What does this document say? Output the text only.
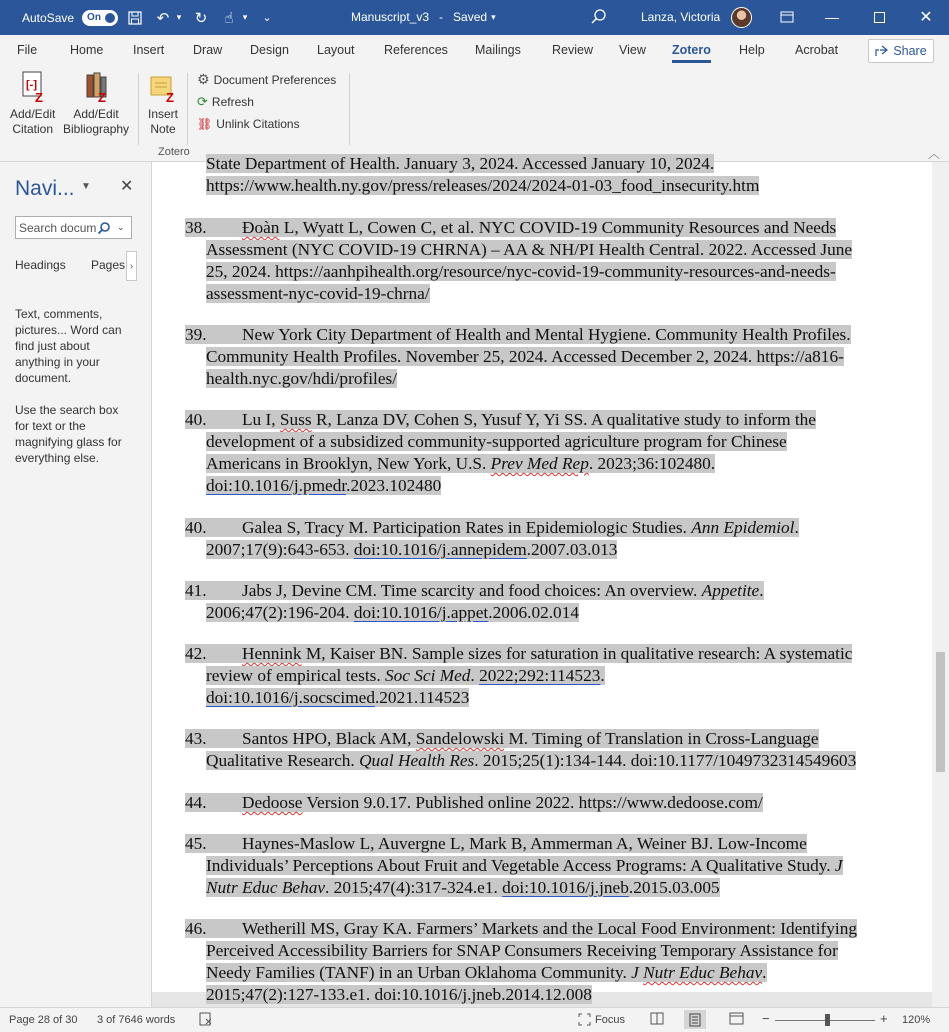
AutoSave On	↶ ▾ ↻	☝	▾	⌄	Manuscript_v3 - Saved ▾	Lanza, Victoria	—	✕
File	Home Insert Draw Design Layout References Mailings Review View Zotero Help Acrobat	Share
[-]
Z
Add/Edit
Citation
Z
Add/Edit
Bibliography
Z
Insert
Note
⚙ Document Preferences
⟳ Refresh
⛓ Unlink Citations
Zotero	︿
Navi... ▼ ✕
Search docum
⌄
Headings Pages ›

Text, comments, pictures... Word can find just about anything in your document.

Use the search box for text or the magnifying glass for everything else.

State Department of Health. January 3, 2024. Accessed January 10, 2024.
https://www.health.ny.gov/press/releases/2024/2024-01-03_food_insecurity.htm
38. Đoàn L, Wyatt L, Cowen C, et al. NYC COVID-19 Community Resources and Needs
Assessment (NYC COVID-19 CHRNA) – AA & NH/PI Health Central. 2022. Accessed June
25, 2024. https://aanhpihealth.org/resource/nyc-covid-19-community-resources-and-needs-
assessment-nyc-covid-19-chrna/
39. New York City Department of Health and Mental Hygiene. Community Health Profiles.
Community Health Profiles. November 25, 2024. Accessed December 2, 2024. https://a816-
health.nyc.gov/hdi/profiles/
40. Lu I, Suss R, Lanza DV, Cohen S, Yusuf Y, Yi SS. A qualitative study to inform the
development of a subsidized community-supported agriculture program for Chinese
Americans in Brooklyn, New York, U.S. Prev Med Rep. 2023;36:102480.
doi:10.1016/j.pmedr.2023.102480
40. Galea S, Tracy M. Participation Rates in Epidemiologic Studies. Ann Epidemiol.
2007;17(9):643-653. doi:10.1016/j.annepidem.2007.03.013
41. Jabs J, Devine CM. Time scarcity and food choices: An overview. Appetite.
2006;47(2):196-204. doi:10.1016/j.appet.2006.02.014
42. Hennink M, Kaiser BN. Sample sizes for saturation in qualitative research: A systematic
review of empirical tests. Soc Sci Med. 2022;292:114523.
doi:10.1016/j.socscimed.2021.114523
43. Santos HPO, Black AM, Sandelowski M. Timing of Translation in Cross-Language
Qualitative Research. Qual Health Res. 2015;25(1):134-144. doi:10.1177/1049732314549603
44. Dedoose Version 9.0.17. Published online 2022. https://www.dedoose.com/
45. Haynes-Maslow L, Auvergne L, Mark B, Ammerman A, Weiner BJ. Low-Income
Individuals’ Perceptions About Fruit and Vegetable Access Programs: A Qualitative Study. J
Nutr Educ Behav. 2015;47(4):317-324.e1. doi:10.1016/j.jneb.2015.03.005
46. Wetherill MS, Gray KA. Farmers’ Markets and the Local Food Environment: Identifying
Perceived Accessibility Barriers for SNAP Consumers Receiving Temporary Assistance for
Needy Families (TANF) in an Urban Oklahoma Community. J Nutr Educ Behav.
2015;47(2):127-133.e1. doi:10.1016/j.jneb.2014.12.008
Page 28 of 30 3 of 7646 words	Focus	−	+ 120%
